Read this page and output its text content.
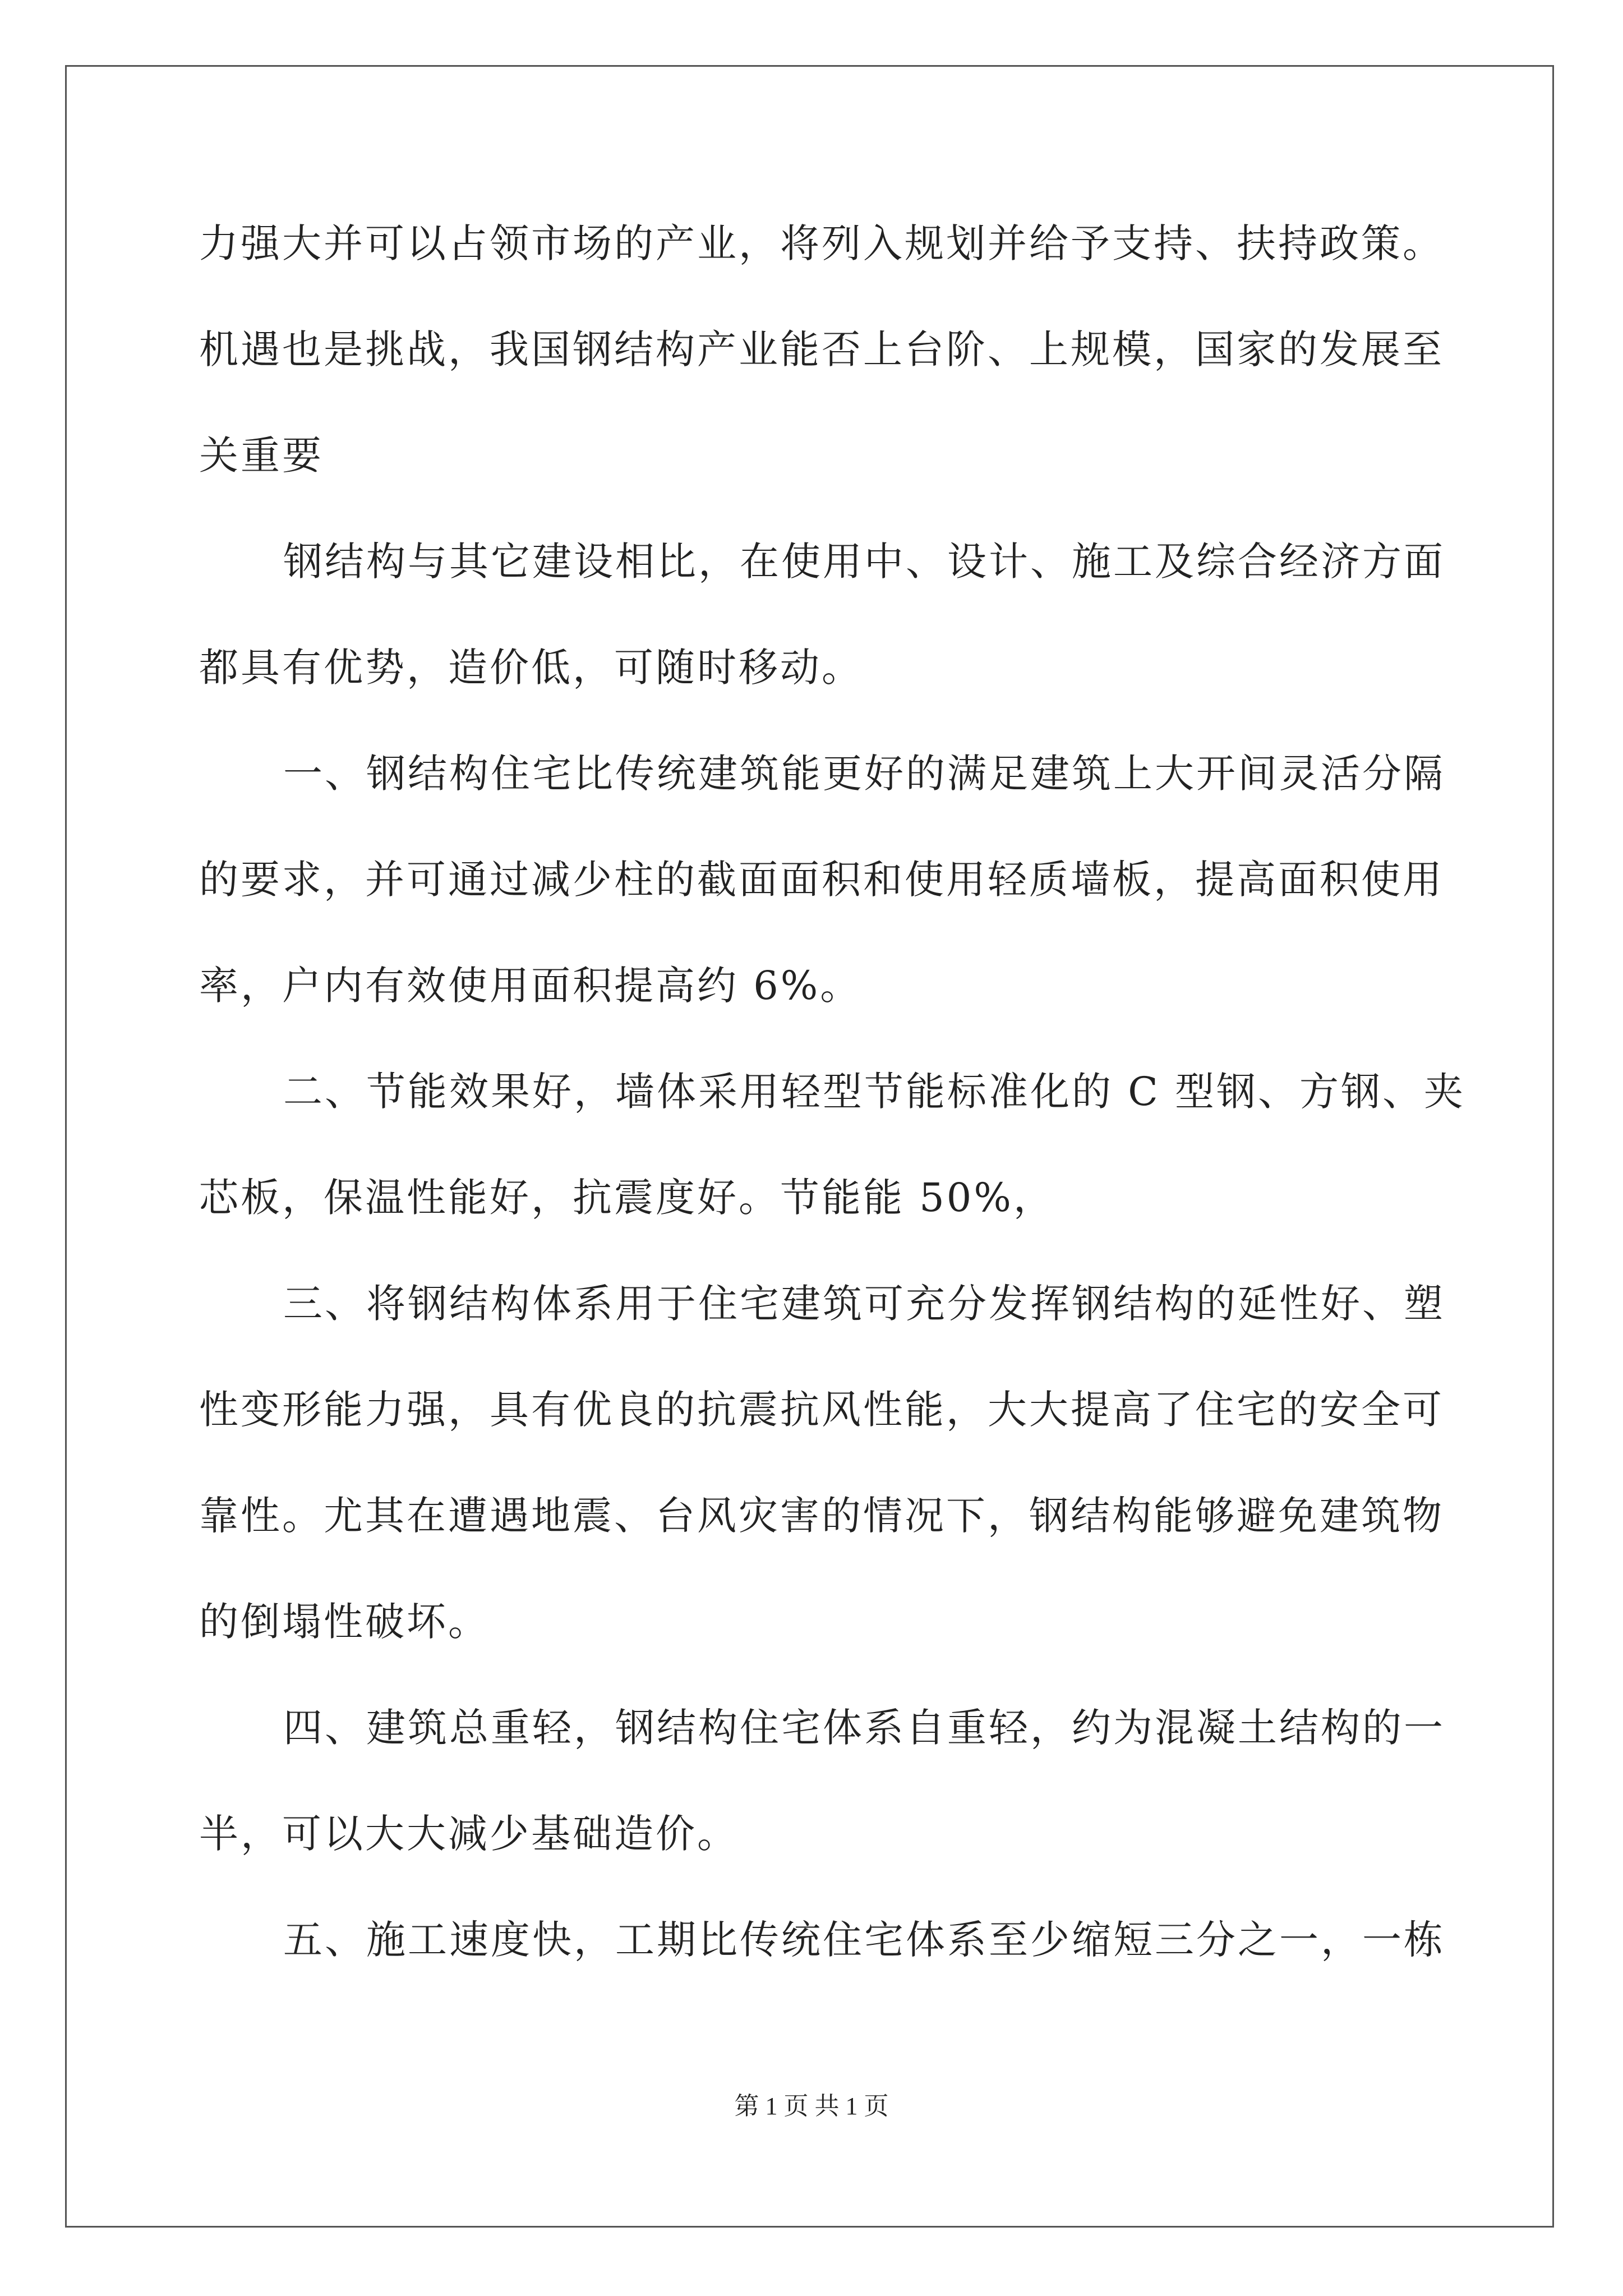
力强大并可以占领市场的产业，将列入规划并给予支持、扶持政策。
机遇也是挑战，我国钢结构产业能否上台阶、上规模，国家的发展至
关重要
钢结构与其它建设相比，在使用中、设计、施工及综合经济方面
都具有优势，造价低，可随时移动。
一、钢结构住宅比传统建筑能更好的满足建筑上大开间灵活分隔
的要求，并可通过减少柱的截面面积和使用轻质墙板，提高面积使用
率，户内有效使用面积提高约 6%。
二、节能效果好，墙体采用轻型节能标准化的 C 型钢、方钢、夹
芯板，保温性能好，抗震度好。节能能 50%，
三、将钢结构体系用于住宅建筑可充分发挥钢结构的延性好、塑
性变形能力强，具有优良的抗震抗风性能，大大提高了住宅的安全可
靠性。尤其在遭遇地震、台风灾害的情况下，钢结构能够避免建筑物
的倒塌性破坏。
四、建筑总重轻，钢结构住宅体系自重轻，约为混凝土结构的一
半，可以大大减少基础造价。
五、施工速度快，工期比传统住宅体系至少缩短三分之一，一栋
第 1 页 共 1 页
